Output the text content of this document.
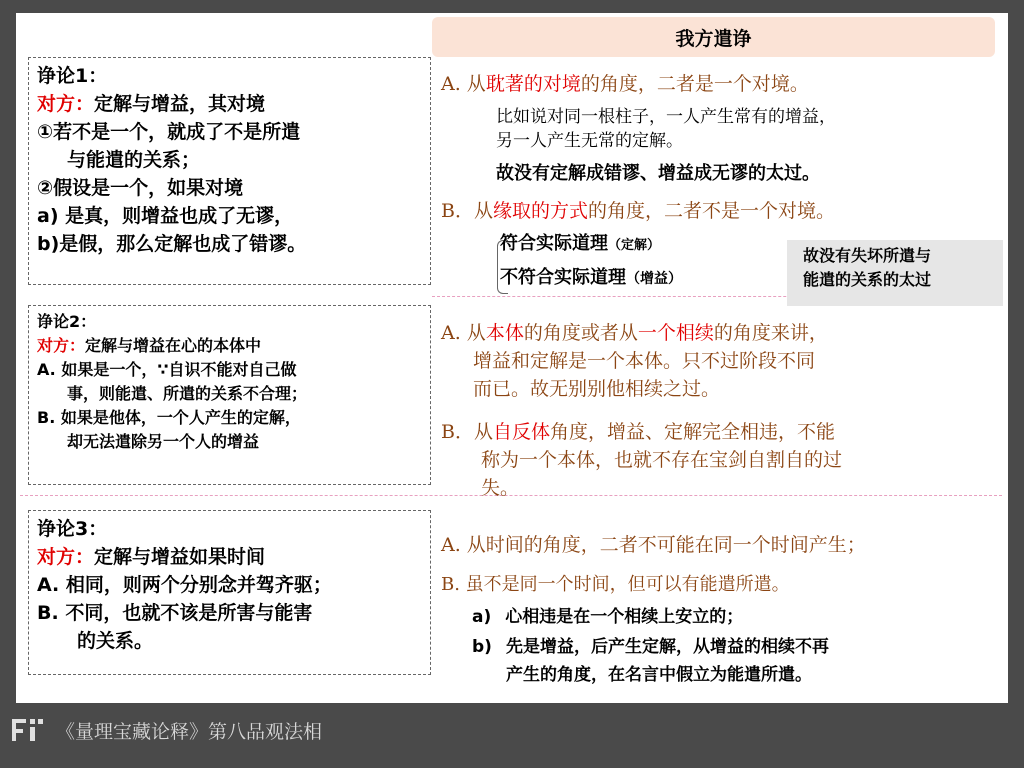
我方遣诤
诤论1：
对方：定解与增益，其对境
①若不是一个，就成了不是所遣
与能遣的关系；
②假设是一个，如果对境
a) 是真，则增益也成了无谬，
b)是假，那么定解也成了错谬。
诤论2：
对方：定解与增益在心的本体中
A. 如果是一个，∵自识不能对自己做
事，则能遣、所遣的关系不合理；
B. 如果是他体，一个人产生的定解，
却无法遣除另一个人的增益
诤论3：
对方：定解与增益如果时间
A. 相同，则两个分别念并驾齐驱；
B. 不同，也就不该是所害与能害
的关系。
A. 从耽著的对境的角度，二者是一个对境。
比如说对同一根柱子，一人产生常有的增益，
另一人产生无常的定解。
故没有定解成错谬、增益成无谬的太过。
B．从缘取的方式的角度，二者不是一个对境。
符合实际道理（定解）
不符合实际道理（增益）
故没有失坏所遣与
能遣的关系的太过
A. 从本体的角度或者从一个相续的角度来讲，
增益和定解是一个本体。只不过阶段不同
而已。故无别别他相续之过。
B．从自反体角度，增益、定解完全相违，不能
称为一个本体，也就不存在宝剑自割自的过
失。
A. 从时间的角度，二者不可能在同一个时间产生；
B. 虽不是同一个时间，但可以有能遣所遣。
a) 心相违是在一个相续上安立的；
b) 先是增益，后产生定解，从增益的相续不再
产生的角度，在名言中假立为能遣所遣。
《量理宝藏论释》第八品观法相
